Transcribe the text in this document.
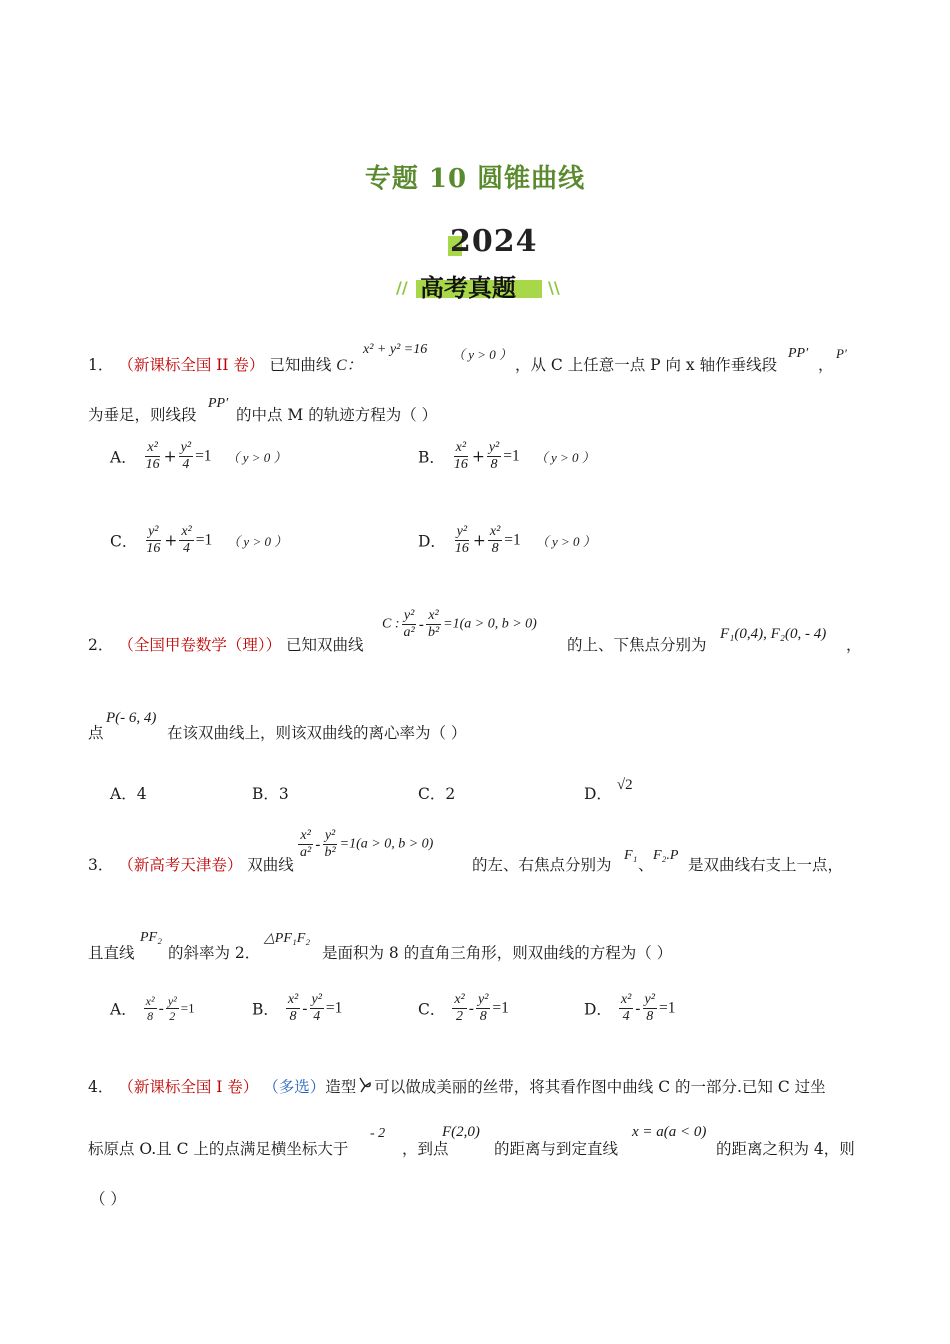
专题 10 圆锥曲线
2024
// 高考真题 \\
1． （新课标全国 II 卷） 已知曲线 C：
x² + y² =16 （ y > 0 ）
，从 C 上任意一点 P 向 x 轴作垂线段
PP′
，
P′
为垂足，则线段
PP′
的中点 M 的轨迹方程为（ ）
A． $\frac{\text{x²}}{16} + \frac{\text{y²}}{4} =1$ （ y > 0 ）	B． $\frac{\text{x²}}{16} + \frac{\text{y²}}{8} =1$ （ y > 0 ）
C． $\frac{\text{y²}}{16} + \frac{\text{x²}}{4} =1$ （ y > 0 ）	D． $\frac{\text{y²}}{16} + \frac{\text{x²}}{8} =1$ （ y > 0 ）
2． （全国甲卷数学（理）） 已知双曲线
C : $\frac{\text{y²}}{\text{a²}} - \frac{\text{x²}}{\text{b²}} =1(a > 0$, b > 0)
的上、下焦点分别为
F₁(0,4), F₂(0, - 4)
，
点
P(- 6, 4)
在该双曲线上，则该双曲线的离心率为（ ）
A．4	B．3	C．2	D． √2
3． （新高考天津卷） 双曲线
$\frac{\text{x²}}{\text{a²}} - \frac{\text{y²}}{\text{b²}} =1(a > 0$, b > 0)
的左、右焦点分别为
F₁
、
F₂.P
是双曲线右支上一点，
且直线
PF₂
的斜率为 2．
△PF₁F₂
是面积为 8 的直角三角形，则双曲线的方程为（ ）
A． $\frac{\text{x²}}{8} - \frac{\text{y²}}{2} =1$	B． $\frac{\text{x²}}{8} - \frac{\text{y²}}{4} =1$	C． $\frac{\text{x²}}{2} - \frac{\text{y²}}{8} =1$	D． $\frac{\text{x²}}{4} - \frac{\text{y²}}{8} =1$
4． （新课标全国 I 卷） （多选）造型 可以做成美丽的丝带，将其看作图中曲线 C 的一部分.已知 C 过坐
标原点 O.且 C 上的点满足横坐标大于
- 2
，到点
F(2,0)
的距离与到定直线
x = a(a < 0)
的距离之积为 4，则
（ ）
